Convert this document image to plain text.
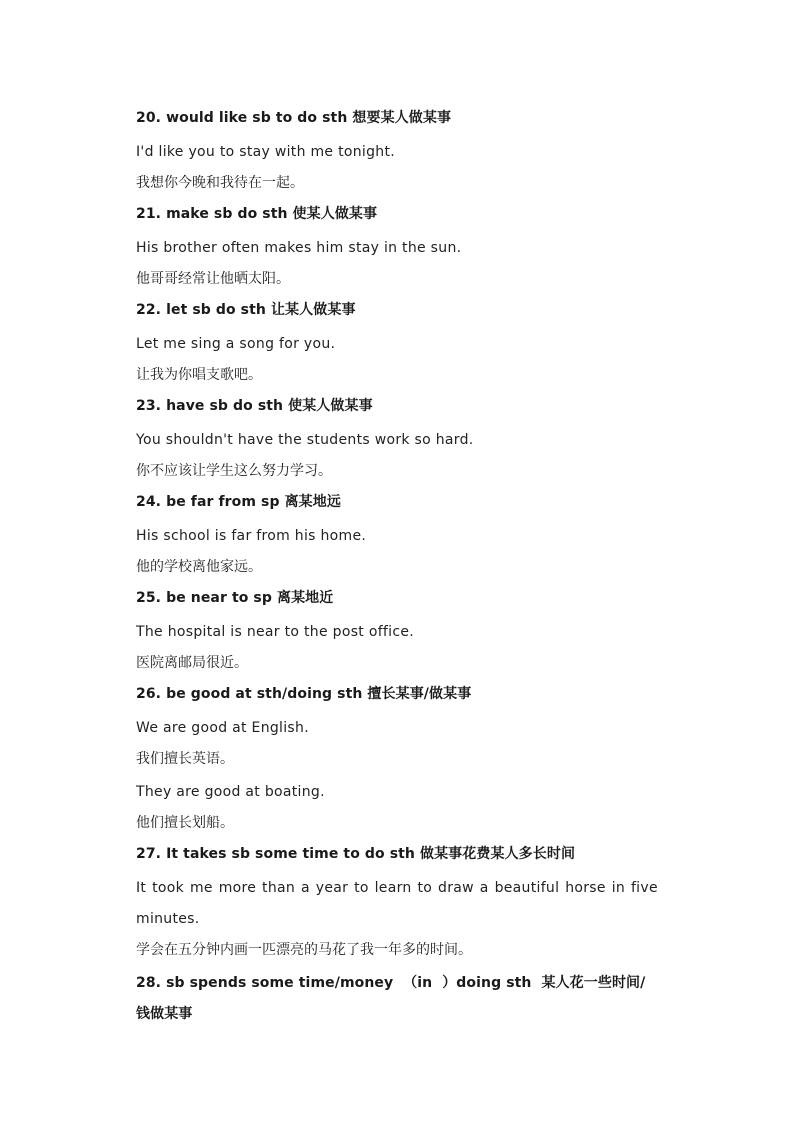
20. would like sb to do sth 想要某人做某事
I'd like you to stay with me tonight.
我想你今晚和我待在一起。
21. make sb do sth 使某人做某事
His brother often makes him stay in the sun.
他哥哥经常让他晒太阳。
22. let sb do sth 让某人做某事
Let me sing a song for you.
让我为你唱支歌吧。
23. have sb do sth 使某人做某事
You shouldn't have the students work so hard.
你不应该让学生这么努力学习。
24. be far from sp 离某地远
His school is far from his home.
他的学校离他家远。
25. be near to sp 离某地近
The hospital is near to the post office.
医院离邮局很近。
26. be good at sth/doing sth 擅长某事/做某事
We are good at English.
我们擅长英语。
They are good at boating.
他们擅长划船。
27. It takes sb some time to do sth 做某事花费某人多长时间
It took me more than a year to learn to draw a beautiful horse in five
minutes.
学会在五分钟内画一匹漂亮的马花了我一年多的时间。
28. sb spends some time/money  （in  ）doing sth  某人花一些时间/
钱做某事
